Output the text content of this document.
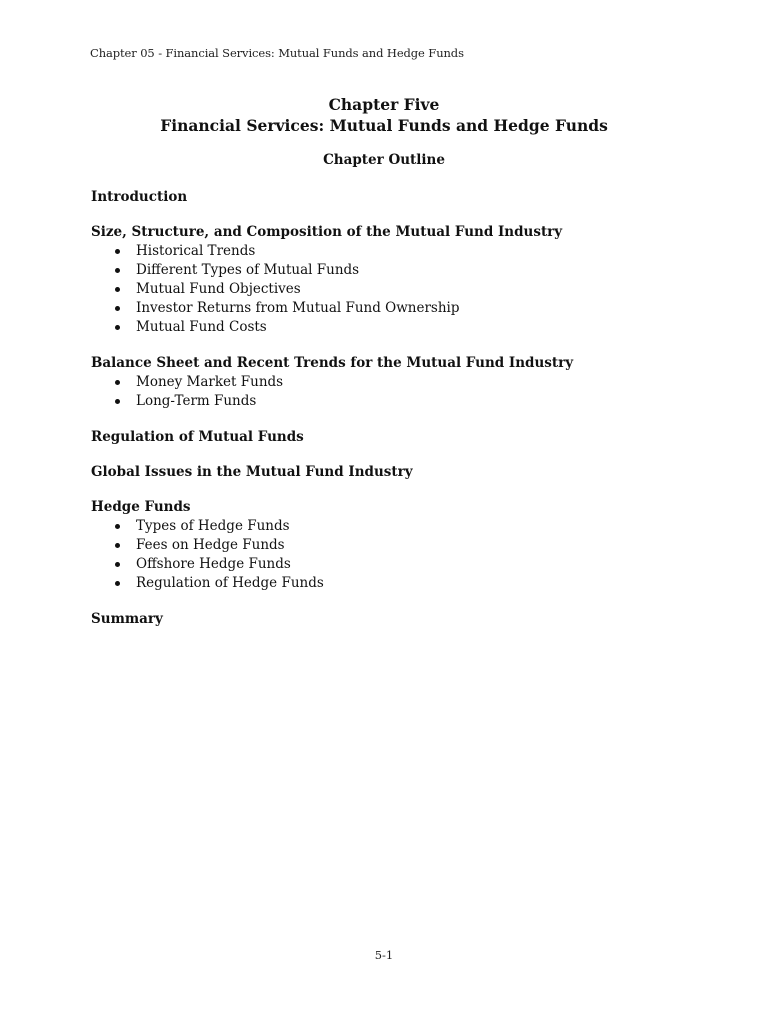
Chapter 05 - Financial Services: Mutual Funds and Hedge Funds
Chapter Five
Financial Services: Mutual Funds and Hedge Funds
Chapter Outline
Introduction
Size, Structure, and Composition of the Mutual Fund Industry
Historical Trends
Different Types of Mutual Funds
Mutual Fund Objectives
Investor Returns from Mutual Fund Ownership
Mutual Fund Costs
Balance Sheet and Recent Trends for the Mutual Fund Industry
Money Market Funds
Long-Term Funds
Regulation of Mutual Funds
Global Issues in the Mutual Fund Industry
Hedge Funds
Types of Hedge Funds
Fees on Hedge Funds
Offshore Hedge Funds
Regulation of Hedge Funds
Summary
5-1
